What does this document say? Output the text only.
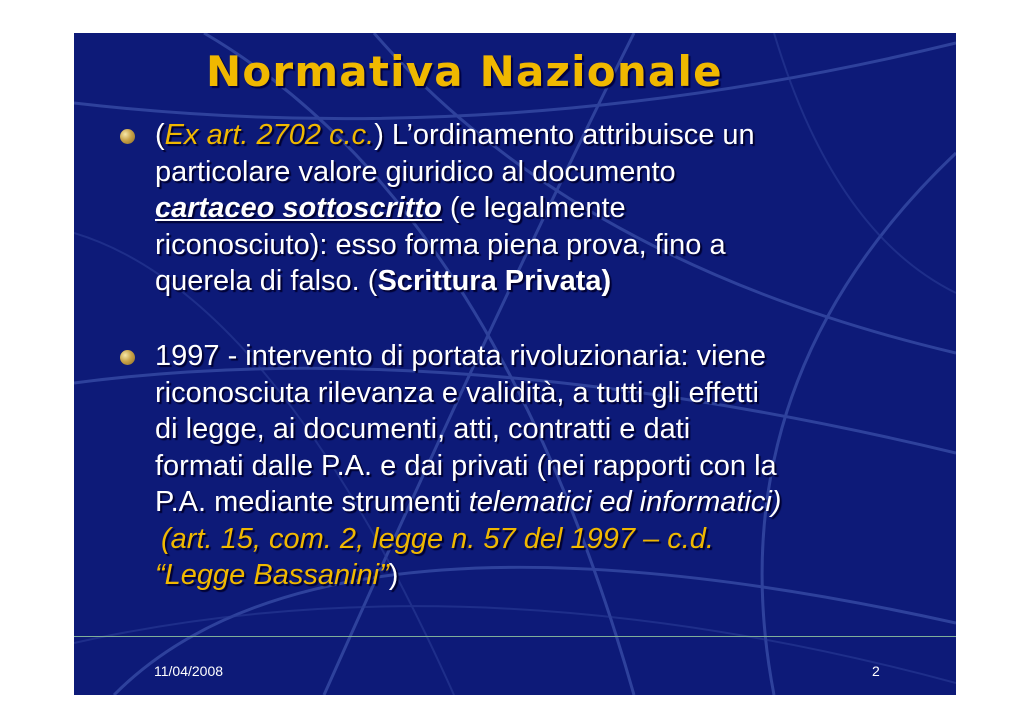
Normativa Nazionale
(Ex art. 2702 c.c.) L’ordinamento attribuisce un
particolare valore giuridico al documento
cartaceo sottoscritto (e legalmente
riconosciuto): esso forma piena prova, fino a
querela di falso. (Scrittura Privata)
1997 - intervento di portata rivoluzionaria: viene
riconosciuta rilevanza e validità, a tutti gli effetti
di legge, ai documenti, atti, contratti e dati
formati dalle P.A. e dai privati (nei rapporti con la
P.A. mediante strumenti telematici ed informatici)
(art. 15, com. 2, legge n. 57 del 1997 – c.d.
“Legge Bassanini”)
11/04/2008	2
